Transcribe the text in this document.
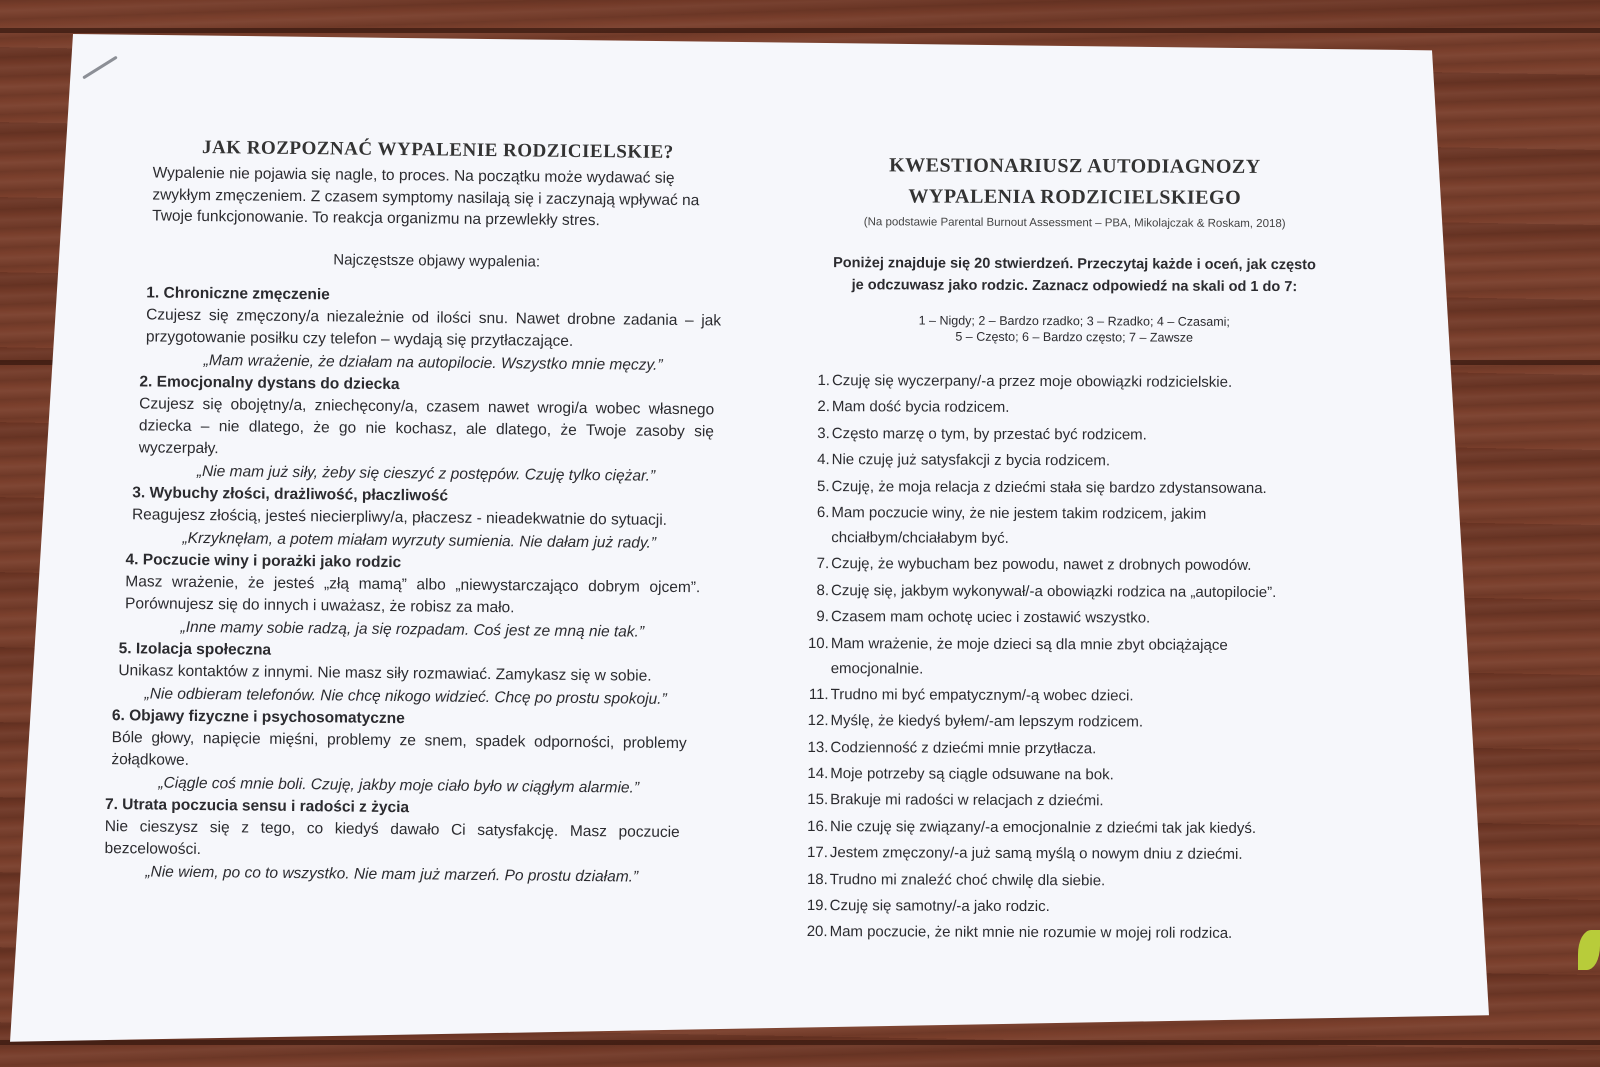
JAK ROZPOZNAĆ WYPALENIE RODZICIELSKIE?

Wypalenie nie pojawia się nagle, to proces. Na początku może wydawać się zwykłym zmęczeniem. Z czasem symptomy nasilają się i zaczynają wpływać na Twoje funkcjonowanie. To reakcja organizmu na przewlekły stres.

Najczęstsze objawy wypalenia:

1. Chroniczne zmęczenie

Czujesz się zmęczony/a niezależnie od ilości snu. Nawet drobne zadania – jak przygotowanie posiłku czy telefon – wydają się przytłaczające.

„Mam wrażenie, że działam na autopilocie. Wszystko mnie męczy.”

2. Emocjonalny dystans do dziecka

Czujesz się obojętny/a, zniechęcony/a, czasem nawet wrogi/a wobec własnego dziecka – nie dlatego, że go nie kochasz, ale dlatego, że Twoje zasoby się wyczerpały.

„Nie mam już siły, żeby się cieszyć z postępów. Czuję tylko ciężar.”

3. Wybuchy złości, drażliwość, płaczliwość

Reagujesz złością, jesteś niecierpliwy/a, płaczesz - nieadekwatnie do sytuacji.

„Krzyknęłam, a potem miałam wyrzuty sumienia. Nie dałam już rady.”

4. Poczucie winy i porażki jako rodzic

Masz wrażenie, że jesteś „złą mamą” albo „niewystarczająco dobrym ojcem”. Porównujesz się do innych i uważasz, że robisz za mało.

„Inne mamy sobie radzą, ja się rozpadam. Coś jest ze mną nie tak.”

5. Izolacja społeczna

Unikasz kontaktów z innymi. Nie masz siły rozmawiać. Zamykasz się w sobie.

„Nie odbieram telefonów. Nie chcę nikogo widzieć. Chcę po prostu spokoju.”

6. Objawy fizyczne i psychosomatyczne

Bóle głowy, napięcie mięśni, problemy ze snem, spadek odporności, problemy żołądkowe.

„Ciągle coś mnie boli. Czuję, jakby moje ciało było w ciągłym alarmie.”

7. Utrata poczucia sensu i radości z życia

Nie cieszysz się z tego, co kiedyś dawało Ci satysfakcję. Masz poczucie bezcelowości.

„Nie wiem, po co to wszystko. Nie mam już marzeń. Po prostu działam.”

KWESTIONARIUSZ AUTODIAGNOZY
WYPALENIA RODZICIELSKIEGO
(Na podstawie Parental Burnout Assessment – PBA, Mikolajczak & Roskam, 2018)
Poniżej znajduje się 20 stwierdzeń. Przeczytaj każde i oceń, jak często
je odczuwasz jako rodzic. Zaznacz odpowiedź na skali od 1 do 7:
1 – Nigdy; 2 – Bardzo rzadko; 3 – Rzadko; 4 – Czasami;
5 – Często; 6 – Bardzo często; 7 – Zawsze
1. Czuję się wyczerpany/-a przez moje obowiązki rodzicielskie.
2. Mam dość bycia rodzicem.
3. Często marzę o tym, by przestać być rodzicem.
4. Nie czuję już satysfakcji z bycia rodzicem.
5. Czuję, że moja relacja z dziećmi stała się bardzo zdystansowana.
6. Mam poczucie winy, że nie jestem takim rodzicem, jakim chciałbym/chciałabym być.
7. Czuję, że wybucham bez powodu, nawet z drobnych powodów.
8. Czuję się, jakbym wykonywał/-a obowiązki rodzica na „autopilocie”.
9. Czasem mam ochotę uciec i zostawić wszystko.
10. Mam wrażenie, że moje dzieci są dla mnie zbyt obciążające emocjonalnie.
11. Trudno mi być empatycznym/-ą wobec dzieci.
12. Myślę, że kiedyś byłem/-am lepszym rodzicem.
13. Codzienność z dziećmi mnie przytłacza.
14. Moje potrzeby są ciągle odsuwane na bok.
15. Brakuje mi radości w relacjach z dziećmi.
16. Nie czuję się związany/-a emocjonalnie z dziećmi tak jak kiedyś.
17. Jestem zmęczony/-a już samą myślą o nowym dniu z dziećmi.
18. Trudno mi znaleźć choć chwilę dla siebie.
19. Czuję się samotny/-a jako rodzic.
20. Mam poczucie, że nikt mnie nie rozumie w mojej roli rodzica.
